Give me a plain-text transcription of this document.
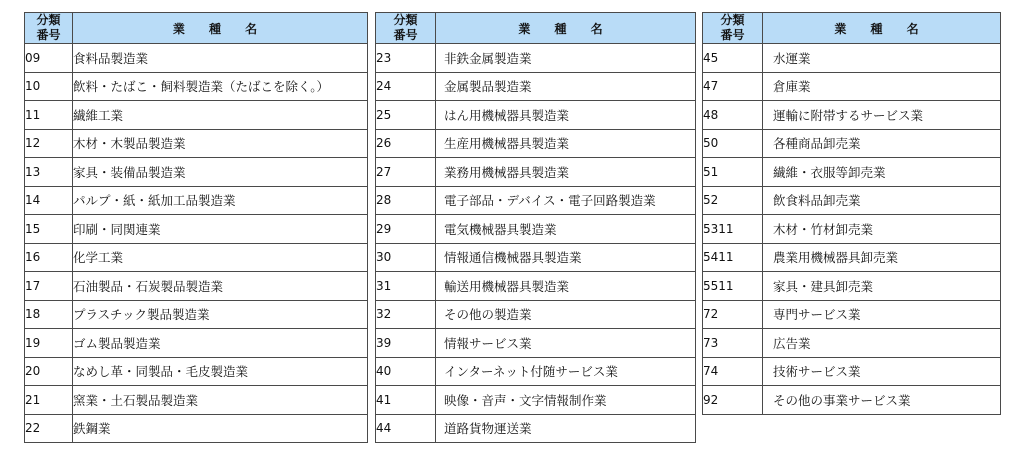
分類
番号	業 種 名
09	食料品製造業
10	飲料・たばこ・飼料製造業（たばこを除く。）
11	繊維工業
12	木材・木製品製造業
13	家具・装備品製造業
14	パルプ・紙・紙加工品製造業
15	印刷・同関連業
16	化学工業
17	石油製品・石炭製品製造業
18	プラスチック製品製造業
19	ゴム製品製造業
20	なめし革・同製品・毛皮製造業
21	窯業・土石製品製造業
22	鉄鋼業
分類
番号	業 種 名
23	非鉄金属製造業
24	金属製品製造業
25	はん用機械器具製造業
26	生産用機械器具製造業
27	業務用機械器具製造業
28	電子部品・デバイス・電子回路製造業
29	電気機械器具製造業
30	情報通信機械器具製造業
31	輸送用機械器具製造業
32	その他の製造業
39	情報サービス業
40	インターネット付随サービス業
41	映像・音声・文字情報制作業
44	道路貨物運送業
分類
番号	業 種 名
45	水運業
47	倉庫業
48	運輸に附帯するサービス業
50	各種商品卸売業
51	繊維・衣服等卸売業
52	飲食料品卸売業
5311	木材・竹材卸売業
5411	農業用機械器具卸売業
5511	家具・建具卸売業
72	専門サービス業
73	広告業
74	技術サービス業
92	その他の事業サービス業
